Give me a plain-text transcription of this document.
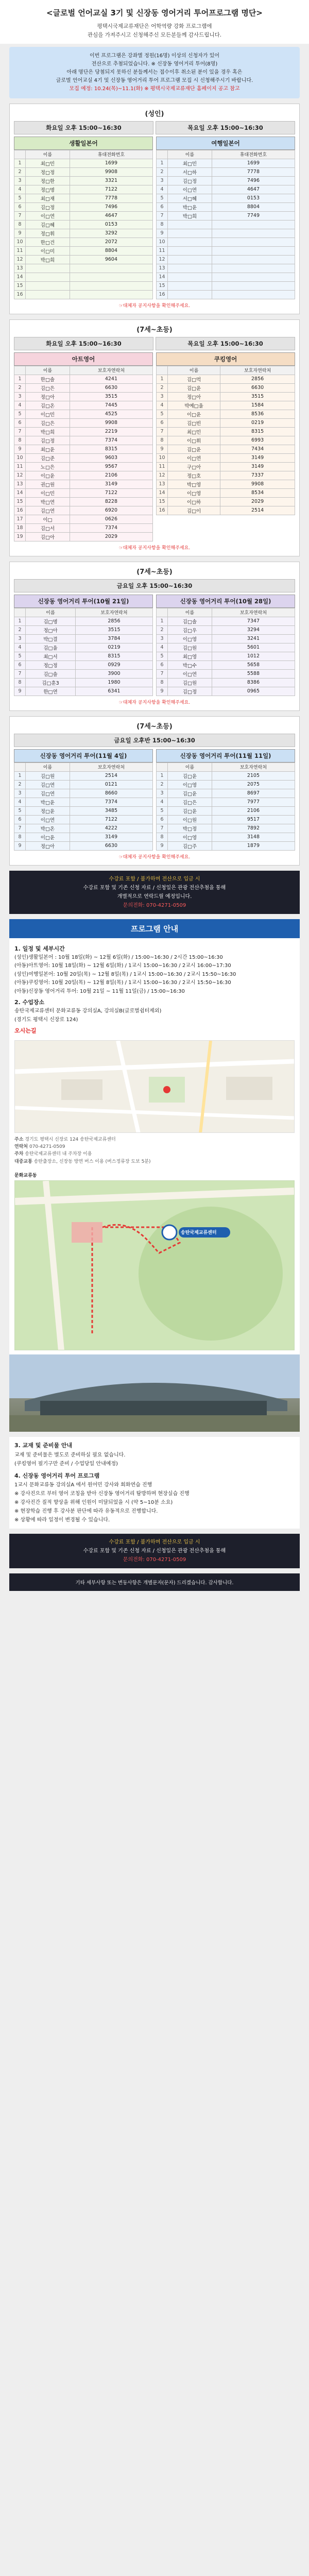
<글로벌 언어교실 3기 및 신장동 영어거리 투어프로그램 명단>

평택시국제교류재단은 어학역량 강화 프로그램에

관심을 가져주시고 신청해주신 모든분들께 감사드립니다.

이번 프로그램은 강좌별 정원(16명) 이상의 신청자가 있어
전산으로 추첨되었습니다. ※ 신장동 영어거리 투어(8명)
아래 명단은 당첨되지 못하신 분들께서는 접수이후 취소된 분이 있을 경우 혹은
글로벌 언어교실 4기 및 신장동 영어거리 투어 프로그램 모집 시 신청해주시기 바랍니다.
모집 예정: 10.24(목)~11.1(화) ※ 평택시국제교류재단 홈페이지 공고 참고
(성인)
화요일 오후 15:00~16:30	목요일 오후 15:00~16:30
생활일본어
	이름	휴대전화번호
1	최□민	1699
2	정□정	9908
3	정□한	3321
4	정□명	7122
5	최□재	7778
6	김□정	7496
7	이□연	4647
8	김□혜	0153
9	정□휘	3292
10	한□건	2072
11	이□미	8804
12	박□희	9604
13		
14		
15		
16		
여행일본어
	이름	휴대전화번호
1	최□민	1699
2	서□하	7778
3	김□정	7496
4	이□연	4647
5	서□혜	0153
6	박□윤	8804
7	박□희	7749
8		
9		
10		
11		
12		
13		
14		
15		
16		
☞대체자 공지사항을 확인해주세요.
(7세~초등)
화요일 오후 15:00~16:30	목요일 오후 15:00~16:30
아트영어
	이름	보호자연락처
1	한□솔	4241
2	김□은	6630
3	정□아	3515
4	김□온	7445
5	이□민	4525
6	김□은	9908
7	박□희	2219
8	김□정	7374
9	최□윤	8315
10	김□준	9603
11	노□은	9567
12	이□윤	2106
13	권□원	3149
14	이□민	7122
15	박□연	8228
16	김□연	6920
17	이□	0626
18	김□서	7374
19	김□아	2029
쿠킹영어
	이름	보호자연락처
1	김□먹	2856
2	김□윤	6630
3	정□아	3515
4	박예□율	1584
5	이□윤	8536
6	김□빈	0219
7	최□민	8315
8	이□휘	6993
9	김□윤	7434
10	이□연	3149
11	구□아	3149
12	정□호	7337
13	박□영	9908
14	이□영	8534
15	이□하	2029
16	김□이	2514
☞대체자 공지사항을 확인해주세요.
(7세~초등)
금요일 오후 15:00~16:30
신장동 영어거리 투어(10월 21일)
	이름	보호자연락처
1	김□명	2856
2	정□아	3515
3	박□결	3784
4	김□율	0219
5	최□서	8315
6	정□정	0929
7	김□솔	3900
8	김□훈3	1980
9	한□연	6341
신장동 영어거리 투어(10월 28일)
	이름	보호자연락처
1	김□솔	7347
2	김□우	3294
3	이□영	3241
4	김□원	5601
5	최□영	1012
6	박□수	5658
7	이□연	5588
8	김□원	8386
9	김□정	0965
☞대체자 공지사항을 확인해주세요.
(7세~초등)
금요일 오후반 15:00~16:30
신장동 영어거리 투어(11월 4일)
	이름	보호자연락처
1	김□원	2514
2	김□연	0121
3	김□연	8660
4	박□윤	7374
5	정□윤	3485
6	이□연	7122
7	박□온	4222
8	이□윤	3149
9	정□아	6630
신장동 영어거리 투어(11월 11일)
	이름	보호자연락처
1	김□윤	2105
2	이□영	2075
3	김□윤	8697
4	김□은	7977
5	김□윤	2106
6	이□원	9517
7	박□정	7892
8	이□영	3148
9	김□주	1879
☞대체자 공지사항을 확인해주세요.
수강료 포함 / 불가하며 전산으로 입금 시
수강료 포함 및 기존 신청 자료 / 신청일은 관광 전산추첨을 통해
개별적으로 연락드릴 예정입니다.
문의전화: 070-4271-0509
프로그램 안내
1. 일정 및 세부시간
(성인)생활일본어 : 10월 18일(화) ~ 12월 6일(화) / 15:00~16:30 / 2시간 15:00~16:30
(아동)아트영어: 10월 18일(화) ~ 12월 6일(화) / 1교시 15:00~16:30 / 2교시 16:00~17:30
(성인)여행일본어: 10월 20일(목) ~ 12월 8일(목) / 1교시 15:00~16:30 / 2교시 15:50~16:30
(아동)쿠킹영어: 10월 20일(목) ~ 12월 8일(목) / 1교시 15:00~16:30 / 2교시 15:50~16:30
(아동)신장동 영어거리 투어: 10월 21일 ~ 11월 11일(금) / 15:00~16:30
2. 수업장소
송탄국제교류센터 문화교류동 강의실A, 강의실B(글로벌쉼터제외)
(경기도 평택시 신장로 124)
오시는길
주소 경기도 평택시 신장로 124 송탄국제교류센터
연락처 070-4271-0509
주차 송탄국제교류센터 내 주차장 이용
대중교통 송탄출장소, 신장동 방면 버스 이용 (버스정류장 도보 5분)
문화교류동
송탄국제교류센터
3. 교재 및 준비물 안내
교재 및 준비물은 별도로 준비하실 필요 없습니다.
(쿠킹영어 필기구만 준비 / 수업당일 안내예정)
4. 신장동 영어거리 투어 프로그램
1교시 문화교류동 강의실A 에서 원어민 강사와 회화연습 진행
※ 강사진으로 부터 영어 코칭을 받아 신장동 영어거리 탐방하며 현장실습 진행
※ 강사진간 질적 향상을 위해 인원이 미달되었을 시 (약 5~10분 소요)
※ 현장학습 진행 후 강사분 판단에 따라 유동적으로 진행합니다.
※ 상황에 따라 일정이 변경될 수 있습니다.
수강료 포함 / 불가하며 전산으로 입금 시
수강료 포함 및 기존 신청 자료 / 신청일은 관광 전산추첨을 통해
문의전화: 070-4271-0509
기타 세부사항 또는 변동사항은 개별문자(문자) 드리겠습니다. 감사합니다.
